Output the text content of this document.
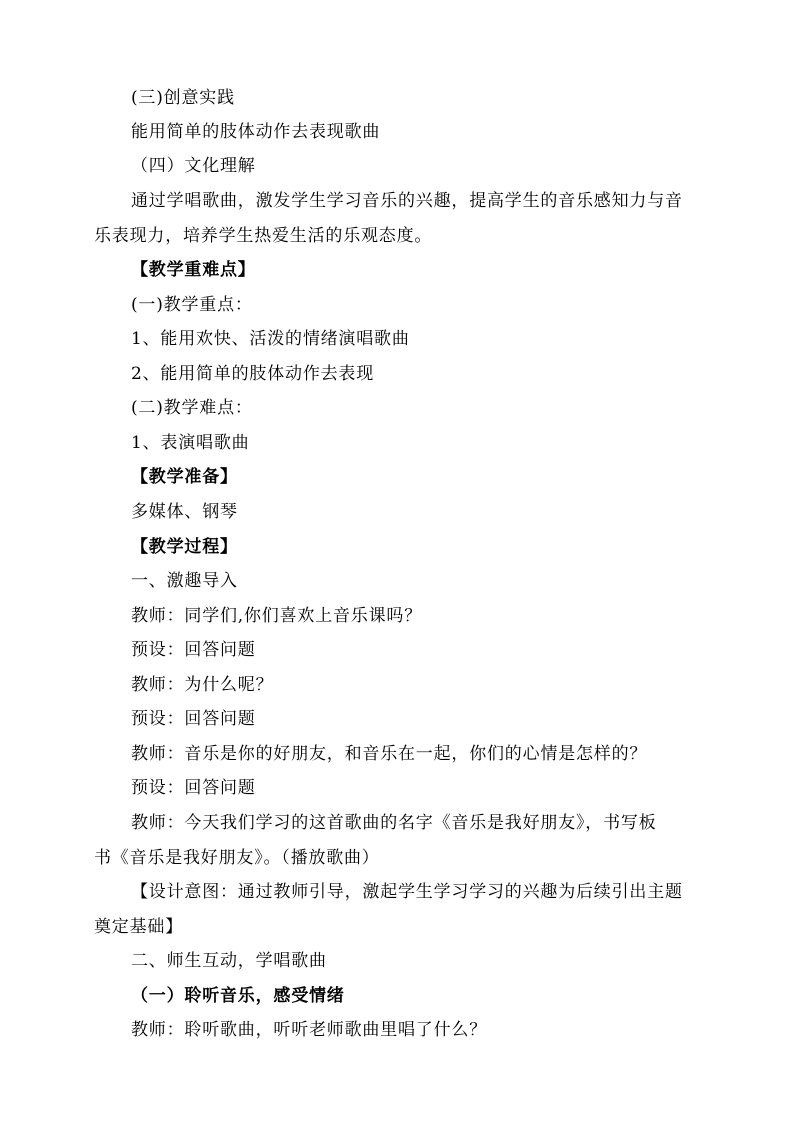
(三)创意实践
能用简单的肢体动作去表现歌曲
（四）文化理解
通过学唱歌曲，激发学生学习音乐的兴趣，提高学生的音乐感知力与音
乐表现力，培养学生热爱生活的乐观态度。
【教学重难点】
(一)教学重点：
1、能用欢快、活泼的情绪演唱歌曲
2、能用简单的肢体动作去表现
(二)教学难点：
1、表演唱歌曲
【教学准备】
多媒体、钢琴
【教学过程】
一、激趣导入
教师：同学们,你们喜欢上音乐课吗？
预设：回答问题
教师：为什么呢？
预设：回答问题
教师：音乐是你的好朋友，和音乐在一起，你们的心情是怎样的？
预设：回答问题
教师：今天我们学习的这首歌曲的名字《音乐是我好朋友》，书写板
书《音乐是我好朋友》。（播放歌曲）
【设计意图：通过教师引导，激起学生学习学习的兴趣为后续引出主题
奠定基础】
二、师生互动，学唱歌曲
（一）聆听音乐，感受情绪
教师：聆听歌曲，听听老师歌曲里唱了什么？
